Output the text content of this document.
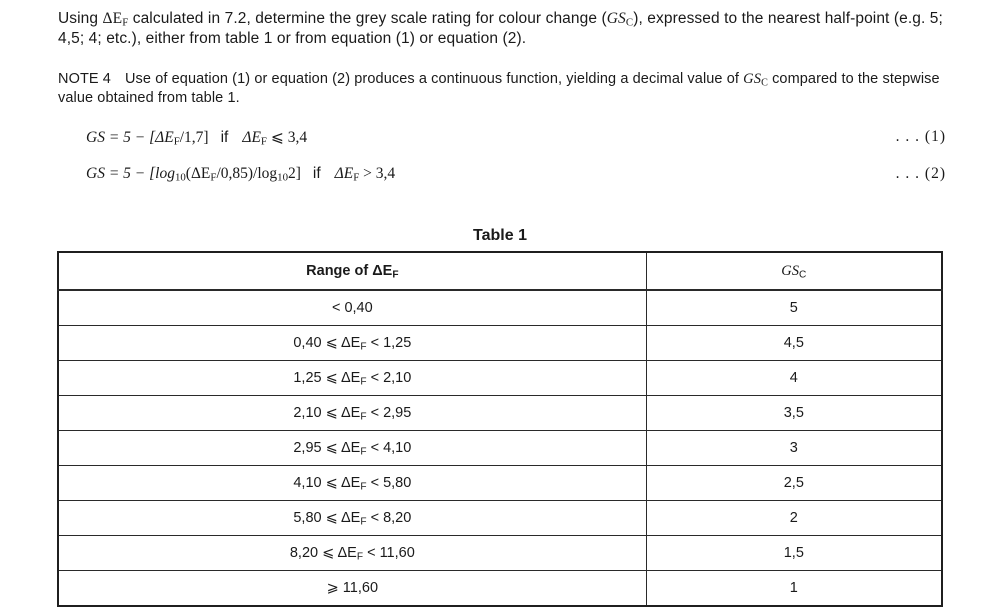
Using $\Delta E_F$ calculated in 7.2, determine the grey scale rating for colour change $(GS_C)$, expressed to the nearest half-point (e.g. 5; 4,5; 4; etc.), either from table 1 or from equation (1) or equation (2).
NOTE 4 Use of equation (1) or equation (2) produces a continuous function, yielding a decimal value of $GS_C$ compared to the stepwise value obtained from table 1.
GS = $5 - [\Delta E_F/1,7]$ if $\Delta E_F$ ⩽ 3,4	. . . (1)
GS = $5 - [\log_{10}(\Delta E_F/0,85)/\log_{10}2]$ if $\Delta E_F > 3,4$	. . . (2)
Table 1
Range of $\Delta E_F$	$GS_C$
< 0,40	5
0,40 ⩽ $\Delta E_F < 1,25$	4,5
1,25 ⩽ $\Delta E_F < 2,10$	4
2,10 ⩽ $\Delta E_F < 2,95$	3,5
2,95 ⩽ $\Delta E_F < 4,10$	3
4,10 ⩽ $\Delta E_F < 5,80$	2,5
5,80 ⩽ $\Delta E_F < 8,20$	2
8,20 ⩽ $\Delta E_F < 11,60$	1,5
⩾ 11,60	1
